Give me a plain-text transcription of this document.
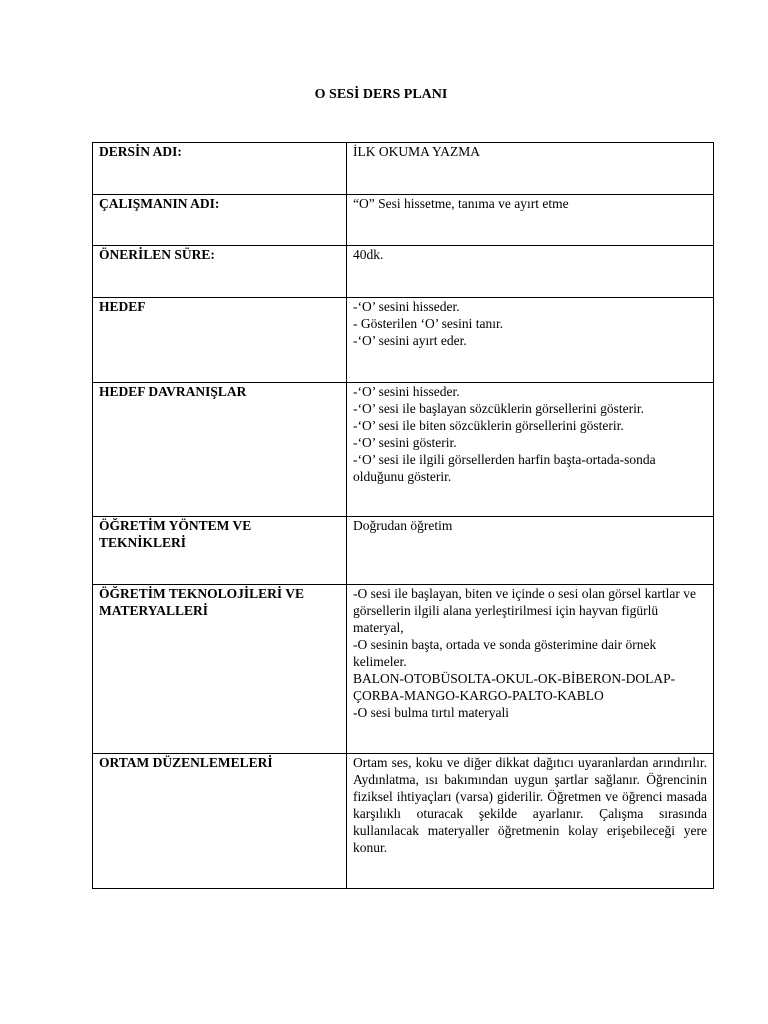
O SESİ DERS PLANI
DERSİN ADI:	İLK OKUMA YAZMA

ÇALIŞMANIN ADI:	“O” Sesi hissetme, tanıma ve ayırt etme

ÖNERİLEN SÜRE:	40dk.

HEDEF	-‘O’ sesini hisseder.
- Gösterilen ‘O’ sesini tanır.
-‘O’ sesini ayırt eder.

HEDEF DAVRANIŞLAR	-‘O’ sesini hisseder.
-‘O’ sesi ile başlayan sözcüklerin görsellerini gösterir.
-‘O’ sesi ile biten sözcüklerin görsellerini gösterir.
-‘O’ sesini gösterir.
-‘O’ sesi ile ilgili görsellerden harfin başta-ortada-sonda olduğunu gösterir.

ÖĞRETİM YÖNTEM VE
TEKNİKLERİ	Doğrudan öğretim

ÖĞRETİM TEKNOLOJİLERİ VE
MATERYALLERİ	-O sesi ile başlayan, biten ve içinde o sesi olan görsel kartlar ve görsellerin ilgili alana yerleştirilmesi için hayvan figürlü materyal,
-O sesinin başta, ortada ve sonda gösterimine dair örnek kelimeler.
BALON-OTOBÜSOLTA-OKUL-OK-BİBERON-DOLAP-ÇORBA-MANGO-KARGO-PALTO-KABLO
-O sesi bulma tırtıl materyali

ORTAM DÜZENLEMELERİ	Ortam ses, koku ve diğer dikkat dağıtıcı uyaranlardan arındırılır. Aydınlatma, ısı bakımından uygun şartlar sağlanır. Öğrencinin fiziksel ihtiyaçları (varsa) giderilir. Öğretmen ve öğrenci masada karşılıklı oturacak şekilde ayarlanır. Çalışma sırasında kullanılacak materyaller öğretmenin kolay erişebileceği yere konur.
